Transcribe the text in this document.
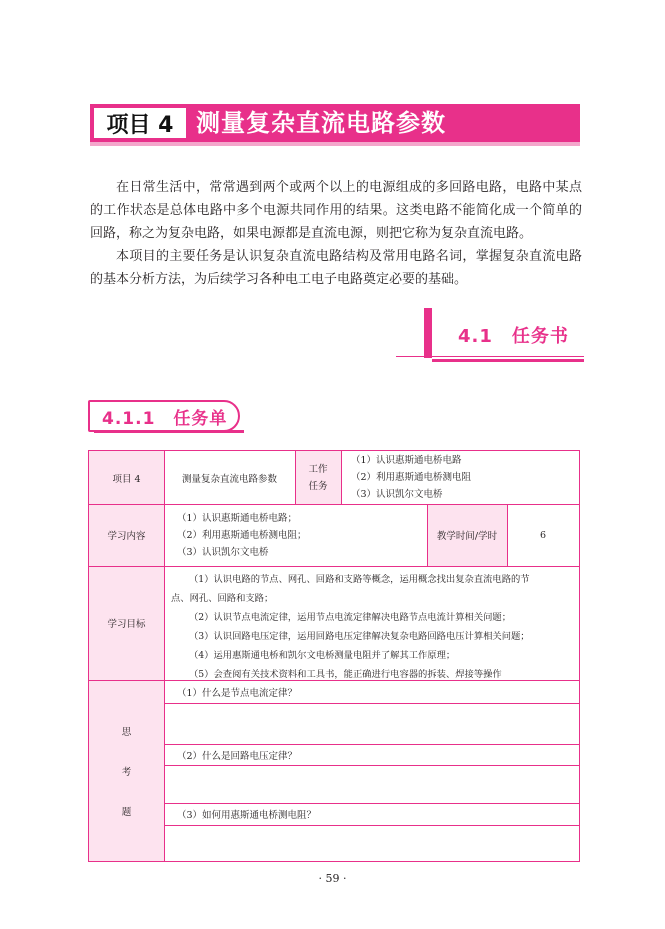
项目 4 测量复杂直流电路参数

在日常生活中，常常遇到两个或两个以上的电源组成的多回路电路，电路中某点的工作状态是总体电路中多个电源共同作用的结果。这类电路不能简化成一个简单的回路，称之为复杂电路，如果电源都是直流电源，则把它称为复杂直流电路。

本项目的主要任务是认识复杂直流电路结构及常用电路名词，掌握复杂直流电路的基本分析方法，为后续学习各种电工电子电路奠定必要的基础。

4.1　任务书
4.1.1　任务单
项目 4	测量复杂直流电路参数
工作
任务
（1）认识惠斯通电桥电路
（2）利用惠斯通电桥测电阻
（3）认识凯尔文电桥
学习内容
（1）认识惠斯通电桥电路；
（2）利用惠斯通电桥测电阻；
（3）认识凯尔文电桥
教学时间/学时	6
学习目标
（1）认识电路的节点、网孔、回路和支路等概念，运用概念找出复杂直流电路的节
点、网孔、回路和支路；
（2）认识节点电流定律，运用节点电流定律解决电路节点电流计算相关问题；
（3）认识回路电压定律，运用回路电压定律解决复杂电路回路电压计算相关问题；
（4）运用惠斯通电桥和凯尔文电桥测量电阻并了解其工作原理；
（5）会查阅有关技术资料和工具书，能正确进行电容器的拆装、焊接等操作
思
考
题
（1）什么是节点电流定律？
（2）什么是回路电压定律？
（3）如何用惠斯通电桥测电阻？
· 59 ·
